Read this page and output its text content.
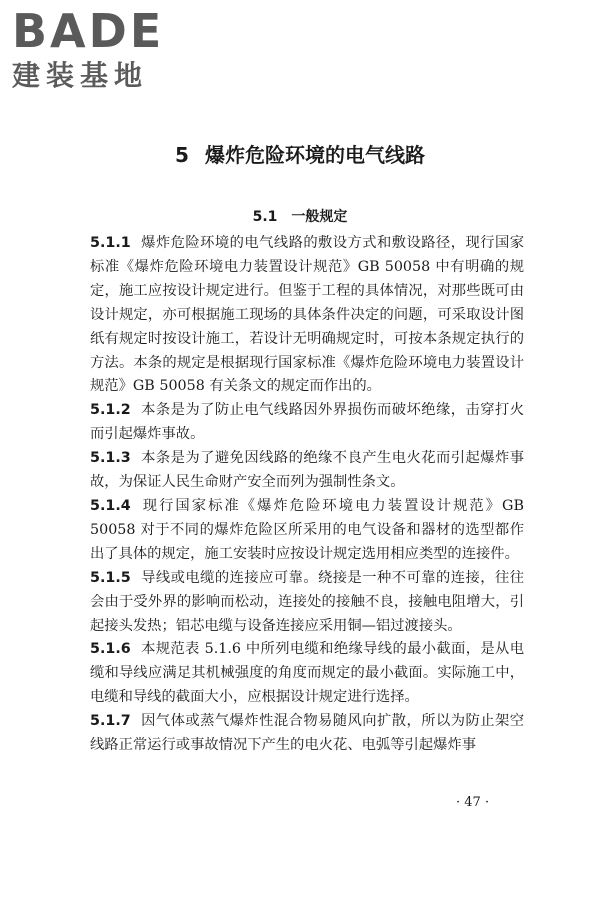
BADE
建装基地
5 爆炸危险环境的电气线路
5.1 一般规定

5.1.1 爆炸危险环境的电气线路的敷设方式和敷设路径，现行国家标准《爆炸危险环境电力装置设计规范》GB 50058 中有明确的规定，施工应按设计规定进行。但鉴于工程的具体情况，对那些既可由设计规定，亦可根据施工现场的具体条件决定的问题，可采取设计图纸有规定时按设计施工，若设计无明确规定时，可按本条规定执行的方法。本条的规定是根据现行国家标准《爆炸危险环境电力装置设计规范》GB 50058 有关条文的规定而作出的。

5.1.2 本条是为了防止电气线路因外界损伤而破坏绝缘，击穿打火而引起爆炸事故。

5.1.3 本条是为了避免因线路的绝缘不良产生电火花而引起爆炸事故，为保证人民生命财产安全而列为强制性条文。

5.1.4 现行国家标准《爆炸危险环境电力装置设计规范》GB 50058 对于不同的爆炸危险区所采用的电气设备和器材的选型都作出了具体的规定，施工安装时应按设计规定选用相应类型的连接件。

5.1.5 导线或电缆的连接应可靠。绕接是一种不可靠的连接，往往会由于受外界的影响而松动，连接处的接触不良，接触电阻增大，引起接头发热；铝芯电缆与设备连接应采用铜—铝过渡接头。

5.1.6 本规范表 5.1.6 中所列电缆和绝缘导线的最小截面，是从电缆和导线应满足其机械强度的角度而规定的最小截面。实际施工中，电缆和导线的截面大小，应根据设计规定进行选择。

5.1.7 因气体或蒸气爆炸性混合物易随风向扩散，所以为防止架空线路正常运行或事故情况下产生的电火花、电弧等引起爆炸事

· 47 ·
